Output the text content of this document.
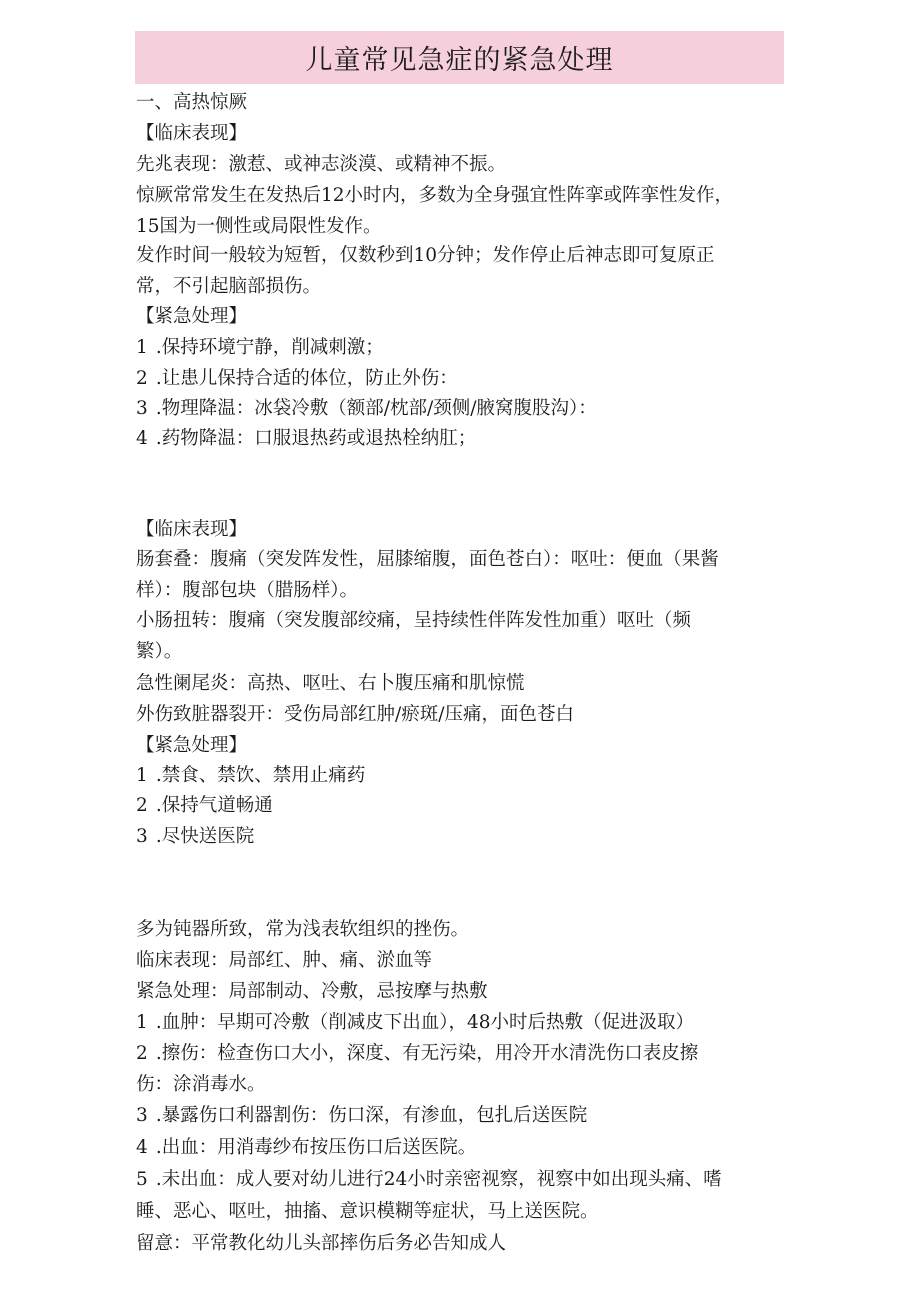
儿童常见急症的紧急处理
一、高热惊厥
【临床表现】
先兆表现：激惹、或神志淡漠、或精神不振。
惊厥常常发生在发热后12小时内，多数为全身强宜性阵挛或阵挛性发作，
15国为一侧性或局限性发作。
发作时间一般较为短暂，仅数秒到10分钟；发作停止后神志即可复原正
常，不引起脑部损伤。
【紧急处理】
1 .保持环境宁静，削减刺激；
2 .让患儿保持合适的体位，防止外伤：
3 .物理降温：冰袋冷敷（额部/枕部/颈侧/腋窝腹股沟）：
4 .药物降温：口服退热药或退热栓纳肛；
【临床表现】
肠套叠：腹痛（突发阵发性，屈膝缩腹，面色苍白）：呕吐：便血（果酱
样）：腹部包块（腊肠样）。
小肠扭转：腹痛（突发腹部绞痛，呈持续性伴阵发性加重）呕吐（频
繁）。
急性阑尾炎：高热、呕吐、右卜腹压痛和肌惊慌
外伤致脏器裂开：受伤局部红肿/瘀斑/压痛，面色苍白
【紧急处理】
1 .禁食、禁饮、禁用止痛药
2 .保持气道畅通
3 .尽快送医院
多为钝器所致，常为浅表软组织的挫伤。
临床表现：局部红、肿、痛、淤血等
紧急处理：局部制动、冷敷，忌按摩与热敷
1 .血肿：早期可冷敷（削减皮下出血），48小时后热敷（促进汲取）
2 .擦伤：检查伤口大小，深度、有无污染，用冷开水清洗伤口表皮擦
伤：涂消毒水。
3 .暴露伤口利器割伤：伤口深，有渗血，包扎后送医院
4 .出血：用消毒纱布按压伤口后送医院。
5 .未出血：成人要对幼儿进行24小时亲密视察，视察中如出现头痛、嗜
睡、恶心、呕吐，抽搐、意识模糊等症状，马上送医院。
留意：平常教化幼儿头部摔伤后务必告知成人
